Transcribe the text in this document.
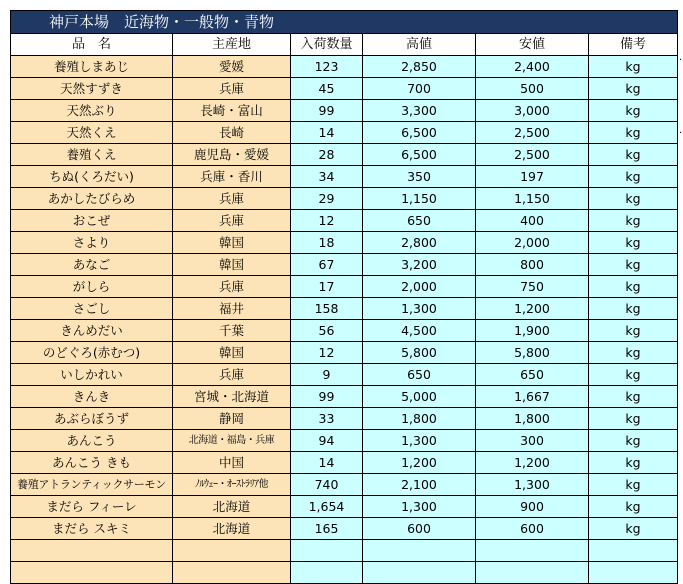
神戸本場　近海物・一般物・青物					
品　名	主産地	入荷数量	高値	安値	備考
養殖しまあじ	愛媛	123	2,850	2,400	kg
天然すずき	兵庫	45	700	500	kg
天然ぶり	長崎・富山	99	3,300	3,000	kg
天然くえ	長崎	14	6,500	2,500	kg
養殖くえ	鹿児島・愛媛	28	6,500	2,500	kg
ちぬ(くろだい)	兵庫・香川	34	350	197	kg
あかしたびらめ	兵庫	29	1,150	1,150	kg
おこぜ	兵庫	12	650	400	kg
さより	韓国	18	2,800	2,000	kg
あなご	韓国	67	3,200	800	kg
がしら	兵庫	17	2,000	750	kg
さごし	福井	158	1,300	1,200	kg
きんめだい	千葉	56	4,500	1,900	kg
のどぐろ(赤むつ)	韓国	12	5,800	5,800	kg
いしかれい	兵庫	9	650	650	kg
きんき	宮城・北海道	99	5,000	1,667	kg
あぶらぼうず	静岡	33	1,800	1,800	kg
あんこう	北海道・福島・兵庫	94	1,300	300	kg
あんこう きも	中国	14	1,200	1,200	kg
養殖アトランティックサーモン	ﾉﾙｳｪｰ・ｵｰｽﾄﾗﾘｱ他	740	2,100	1,300	kg
まだら フィーレ	北海道	1,654	1,300	900	kg
まだら スキミ	北海道	165	600	600	kg

·
·
